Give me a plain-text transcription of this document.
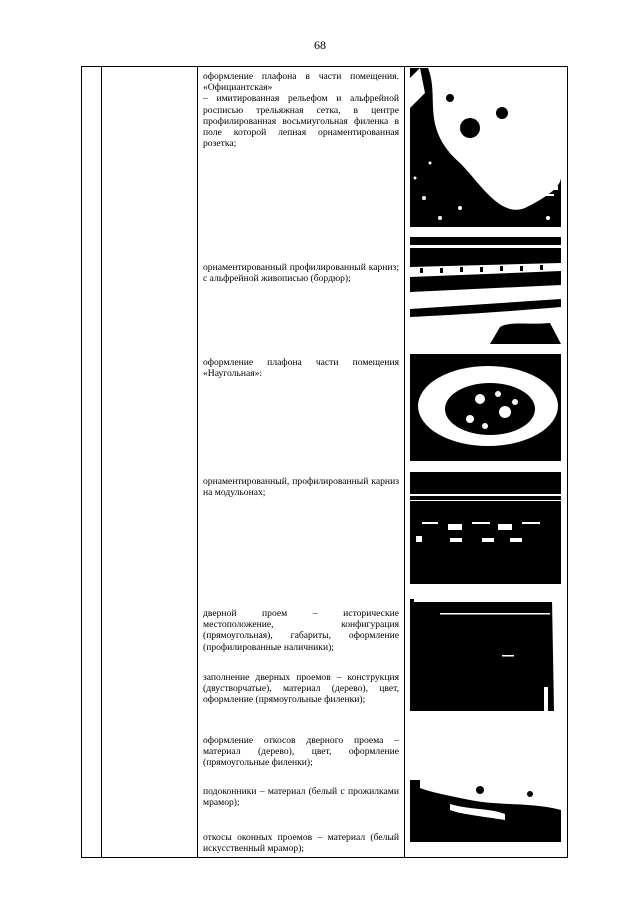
68
оформление плафона в части помещения. «Официантская»
– имитированная рельефом и альфрейной росписью трельяжная сетка, в центре профилированная восьмиугольная филенка в поле которой лепная орнаментированная розетка;
орнаментированный профилированный карниз; с альфрейной живописью (бордюр);
оформление плафона части помещения «Наугольная»:
орнаментированный, профилированный карниз на модульонах;
дверной проем – исторические местоположение, конфигурация (прямоугольная), габариты, оформление (профилированные наличники);
заполнение дверных проемов – конструкция (двустворчатые), материал (дерево), цвет, оформление (прямоугольные филенки);
оформление откосов дверного проема – материал (дерево), цвет, оформление (прямоугольные филенки);
подоконники – материал (белый с прожилками мрамор);
откосы оконных проемов – материал (белый искусственный мрамор);
